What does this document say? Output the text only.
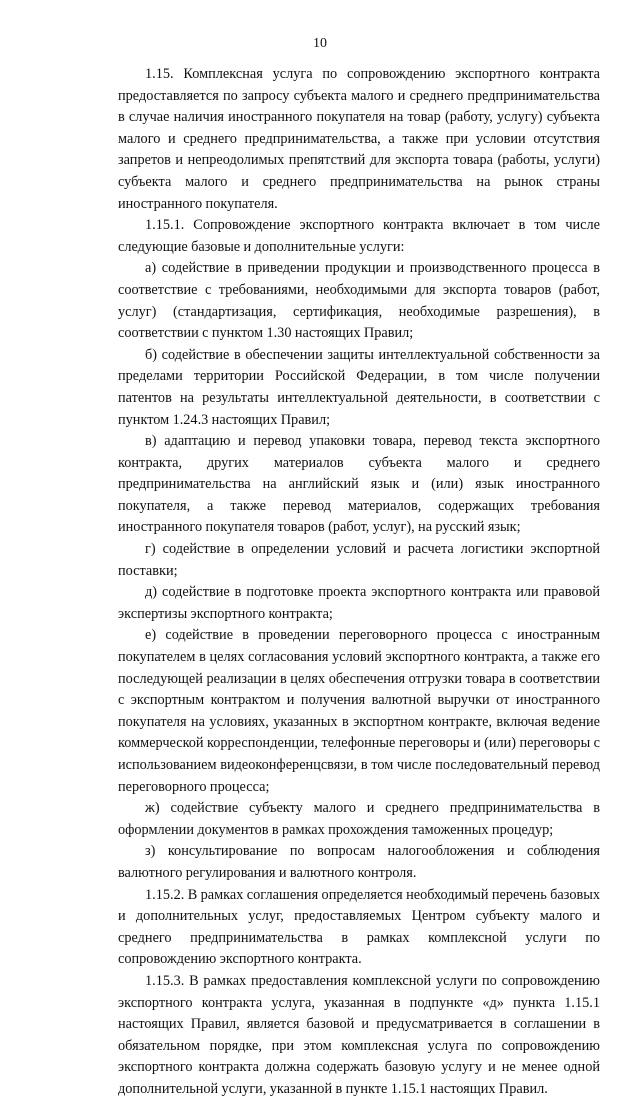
10

1.15. Комплексная услуга по сопровождению экспортного контракта предоставляется по запросу субъекта малого и среднего предпринимательства в случае наличия иностранного покупателя на товар (работу, услугу) субъекта малого и среднего предпринимательства, а также при условии отсутствия запретов и непреодолимых препятствий для экспорта товара (работы, услуги) субъекта малого и среднего предпринимательства на рынок страны иностранного покупателя.

1.15.1. Сопровождение экспортного контракта включает в том числе следующие базовые и дополнительные услуги:

а) содействие в приведении продукции и производственного процесса в соответствие с требованиями, необходимыми для экспорта товаров (работ, услуг) (стандартизация, сертификация, необходимые разрешения), в соответствии с пунктом 1.30 настоящих Правил;

б) содействие в обеспечении защиты интеллектуальной собственности за пределами территории Российской Федерации, в том числе получении патентов на результаты интеллектуальной деятельности, в соответствии с пунктом 1.24.3 настоящих Правил;

в) адаптацию и перевод упаковки товара, перевод текста экспортного контракта, других материалов субъекта малого и среднего предпринимательства на английский язык и (или) язык иностранного покупателя, а также перевод материалов, содержащих требования иностранного покупателя товаров (работ, услуг), на русский язык;

г) содействие в определении условий и расчета логистики экспортной поставки;

д) содействие в подготовке проекта экспортного контракта или правовой экспертизы экспортного контракта;

е) содействие в проведении переговорного процесса с иностранным покупателем в целях согласования условий экспортного контракта, а также его последующей реализации в целях обеспечения отгрузки товара в соответствии с экспортным контрактом и получения валютной выручки от иностранного покупателя на условиях, указанных в экспортном контракте, включая ведение коммерческой корреспонденции, телефонные переговоры и (или) переговоры с использованием видеоконференцсвязи, в том числе последовательный перевод переговорного процесса;

ж) содействие субъекту малого и среднего предпринимательства в оформлении документов в рамках прохождения таможенных процедур;

з) консультирование по вопросам налогообложения и соблюдения валютного регулирования и валютного контроля.

1.15.2. В рамках соглашения определяется необходимый перечень базовых и дополнительных услуг, предоставляемых Центром субъекту малого и среднего предпринимательства в рамках комплексной услуги по сопровождению экспортного контракта.

1.15.3. В рамках предоставления комплексной услуги по сопровождению экспортного контракта услуга, указанная в подпункте «д» пункта 1.15.1 настоящих Правил, является базовой и предусматривается в соглашении в обязательном порядке, при этом комплексная услуга по сопровождению экспортного контракта должна содержать базовую услугу и не менее одной дополнительной услуги, указанной в пункте 1.15.1 настоящих Правил.
